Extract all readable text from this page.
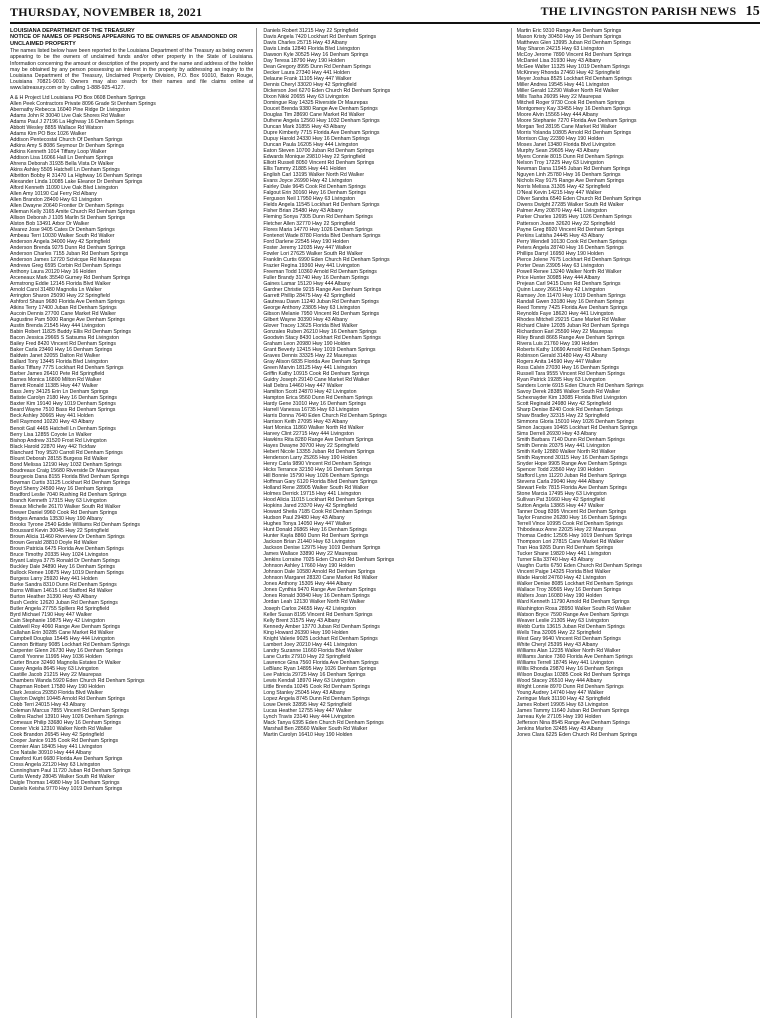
THURSDAY, NOVEMBER 18, 2021	THE LIVINGSTON PARISH NEWS 15

LOUISIANA DEPARTMENT OF THE TREASURY

NOTICE OF NAMES OF PERSONS APPEARING TO BE OWNERS OF ABANDONED OR UNCLAIMED PROPERTY

The names listed below have been reported to the Louisiana Department of the Treasury as being owners appearing to be the owners of unclaimed funds and/or other property in the State of Louisiana. Information concerning the amount or description of the property and the name and address of the holder may be obtained by any person possessing an interest in the property by addressing an inquiry to the Louisiana Department of the Treasury, Unclaimed Property Division, P.O. Box 91010, Baton Rouge, Louisiana 70821-9010. Owners may also search for their names and file claims online at www.latreasury.com or by calling 1-888-925-4127.

A & H Project Ltd Louisiana PO Box 0608 Denham Springs

Allen Peek Contractors Private 8096 Grade St Denham Springs

Abernathy Rebecca 16040 Pine Ridge Dr Livingston

Adams John R 30040 Live Oak Shores Rd Walker

Adams Paul J 27196 La Highway 16 Denham Springs

Abbott Wesley 8855 Wallace Rd Watson

Adams Kim PO Box 1026 Walker

Addison Pentecostal Church Of Denham Springs

Adkins Amy S 8086 Seymour Dr Denham Springs

Adkins Kenneth 1014 Tiffany Loop Walker

Addison Lisa 16066 Hall Ln Denham Springs

Ahrens Deborah 31935 Bella Vista Dr Walker

Akins Ashley 5505 Hatchell Ln Denham Springs

Albritton Bobby R 31470 La Highway 16 Denham Springs

Alexander Linda 10085 Lake Eleanor Dr Denham Springs

Alford Kenneth 11090 Live Oak Blvd Livingston

Allen Amy 10190 Cal Ferry Rd Albany

Allen Brandon 28400 Hwy 63 Livingston

Allen Dwayne 20640 Frontier Dr Denham Springs

Alleman Kelly 3165 Amite Church Rd Denham Springs

Allison Deborah J 1105 Marlin St Denham Springs

Alston Bob 13491 Arbor Dr Walker

Alvarez Jose 9405 Cates Dr Denham Springs

Ambeau Terri 10030 Walker South Rd Walker

Anderson Angela 34000 Hwy 42 Springfield

Anderson Brenda 9275 Dunn Rd Denham Springs

Anderson Charles 7155 Juban Rd Denham Springs

Anderson James 12720 Scivicque Rd Maurepas

Andrews Greg 6595 Corbin Rd Denham Springs

Anthony Laura 20120 Hwy 16 Holden

Arceneaux Mark 35540 Gurney Rd Denham Springs

Armstrong Eddie 12145 Florida Blvd Walker

Arnold Carol 31480 Magnolia Ln Walker

Arrington Sharon 25090 Hwy 22 Springfield

Ashford Shaun 9680 Florida Ave Denham Springs

Atkins Terry 17400 Juban Rd Denham Springs

Aucoin Dennis 27700 Cane Market Rd Walker

Augustine Pam 5000 Range Ave Denham Springs

Austin Brenda 21545 Hwy 444 Livingston

Babin Robert 11825 Buddy Ellis Rd Denham Springs

Bacon Jessica 29665 S Satsuma Rd Livingston

Bailey Fred 8420 Vincent Rd Denham Springs

Baker Carla 23460 Hwy 16 Denham Springs

Baldwin Janet 32055 Dalton Rd Walker

Ballard Tony 13445 Florida Blvd Livingston

Banks Tiffany 7775 Lockhart Rd Denham Springs

Barber James 26410 Pete Rd Springfield

Barnes Monica 16800 Milton Rd Walker

Barrett Ronald 11385 Hwy 447 Walker

Bass Jerry 34125 Erin Ln Denham Springs

Batiste Carolyn 2180 Hwy 16 Denham Springs

Baxter Kim 19140 Hwy 1019 Denham Springs

Beard Wayne 7510 Bass Rd Denham Springs

Beck Ashley 30665 Hwy 441 Holden

Bell Raymond 10220 Hwy 43 Albany

Benoit Gail 4465 Hatchell Ln Denham Springs

Berry Lisa 12855 Coyote Ln Walker

Bishop Andrew 31520 Frost Rd Livingston

Black Harold 22870 Hwy 442 Tickfaw

Blanchard Troy 9520 Carroll Rd Denham Springs

Blount Deborah 28155 Burgess Rd Walker

Bond Melissa 12190 Hwy 1032 Denham Springs

Boudreaux Craig 15680 Riverside Dr Maurepas

Bourgeois Dana 8155 Florida Blvd Denham Springs

Bowman Curtis 31125 Lockhart Rd Denham Springs

Boyd Sherry 24590 Hwy 16 Denham Springs

Bradford Leslie 7040 Rushing Rd Denham Springs

Branch Kenneth 17315 Hwy 63 Livingston

Breaux Michelle 26170 Walker South Rd Walker

Brewer Daniel 9960 Cook Rd Denham Springs

Bridges Amanda 13530 Hwy 190 Albany

Brooks Tyrone 2540 Eddie Williams Rd Denham Springs

Broussard Kevin 30045 Hwy 22 Springfield

Brown Alicia 11460 Riverview Dr Denham Springs

Brown Gerald 28810 Doyle Rd Walker

Brown Patricia 6475 Florida Ave Denham Springs

Bruce Timothy 20335 Hwy 1024 Livingston

Bryant Latoya 3775 Ronald Dr Denham Springs

Buckley Dale 34890 Hwy 16 Denham Springs

Bullock Renee 10875 Hwy 1019 Denham Springs

Burgess Larry 25920 Hwy 441 Holden

Burke Sandra 8310 Dunn Rd Denham Springs

Burns William 14615 Lod Stafford Rd Walker

Burton Heather 31390 Hwy 43 Albany

Bush Cedric 12620 Juban Rd Denham Springs

Butler Angela 27755 Spillers Rd Springfield

Byrd Michael 7190 Hwy 447 Walker

Cain Stephanie 19875 Hwy 42 Livingston

Caldwell Roy 4060 Range Ave Denham Springs

Callahan Erin 30285 Cane Market Rd Walker

Campbell Douglas 15445 Hwy 444 Livingston

Cannon Brittany 9085 Lockhart Rd Denham Springs

Carpenter Glenn 26730 Hwy 16 Denham Springs

Carroll Yvonne 11995 Hwy 1036 Holden

Carter Bruce 32460 Magnolia Estates Dr Walker

Casey Angela 8645 Hwy 63 Livingston

Castille Jacob 21215 Hwy 22 Maurepas

Chambers Wanda 5920 Eden Church Rd Denham Springs

Chapman Robert 17580 Hwy 190 Holden

Clark Jessica 29350 Florida Blvd Walker

Clayton Dwight 10445 Arnold Rd Denham Springs

Cobb Terri 24015 Hwy 43 Albany

Coleman Marcus 7855 Vincent Rd Denham Springs

Collins Rachel 13910 Hwy 1026 Denham Springs

Comeaux Philip 33680 Hwy 16 Denham Springs

Conner Vicki 12310 Walker North Rd Walker

Cook Brandon 26545 Hwy 42 Springfield

Cooper Janice 9135 Cook Rd Denham Springs

Cormier Alan 18405 Hwy 441 Livingston

Cox Natalie 30910 Hwy 444 Albany

Crawford Kurt 6680 Florida Ave Denham Springs

Cross Angela 22120 Hwy 63 Livingston

Cunningham Paul 11720 Juban Rd Denham Springs

Curtis Wendy 28045 Walker South Rd Walker

Daigle Thomas 14980 Hwy 16 Denham Springs

Daniels Keisha 9770 Hwy 1019 Denham Springs

Daniels Robert 31215 Hwy 22 Springfield

Davis Angela 7420 Lockhart Rd Denham Springs

Davis Charles 25715 Hwy 43 Albany

Davis Linda 12840 Florida Blvd Livingston

Dawson Kyle 30525 Hwy 16 Denham Springs

Day Teresa 18790 Hwy 190 Holden

Dean Gregory 8995 Dunn Rd Denham Springs

Decker Laura 27340 Hwy 441 Holden

Delaune Frank 11105 Hwy 447 Walker

Dennis Cheryl 33020 Hwy 42 Springfield

Dickerson Joel 6270 Eden Church Rd Denham Springs

Dixon Nikki 20655 Hwy 63 Livingston

Domingue Ray 14325 Riverside Dr Maurepas

Doucet Brenda 9380 Range Ave Denham Springs

Douglas Tim 28690 Cane Market Rd Walker

Dufrene Angela 12560 Hwy 1032 Denham Springs

Duncan Mark 31855 Hwy 43 Albany

Dupre Kimberly 7715 Florida Ave Denham Springs

Dupuy Harold 24330 Hwy 16 Denham Springs

Duncan Paula 16205 Hwy 444 Livingston

Eaton Steven 10700 Juban Rd Denham Springs

Edwards Monique 29810 Hwy 22 Springfield

Elliott Russell 8050 Vincent Rd Denham Springs

Ellis Tammy 21885 Hwy 441 Holden

English Carl 13195 Walker North Rd Walker

Evans Joyce 26990 Hwy 42 Livingston

Fairley Dale 9645 Cook Rd Denham Springs

Falgout Erin 30160 Hwy 16 Denham Springs

Ferguson Neil 17950 Hwy 63 Livingston

Fields Angela 11545 Lockhart Rd Denham Springs

Fisher Brian 25480 Hwy 43 Albany

Fleming Sonya 7305 Dunn Rd Denham Springs

Fletcher Allen 32770 Hwy 22 Springfield

Flores Maria 14770 Hwy 1026 Denham Springs

Fontenot Wade 8780 Florida Blvd Denham Springs

Ford Darlene 22545 Hwy 190 Holden

Foster Jeremy 12035 Hwy 447 Walker

Fowler Lori 27625 Walker South Rd Walker

Franklin Curtis 6990 Eden Church Rd Denham Springs

Frazier Regina 19360 Hwy 441 Livingston

Freeman Todd 10360 Arnold Rd Denham Springs

Fuller Brandy 31740 Hwy 16 Denham Springs

Gaines Lamar 15120 Hwy 444 Albany

Gardner Christie 9215 Range Ave Denham Springs

Garrett Phillip 28475 Hwy 42 Springfield

Gautreau Dawn 11240 Juban Rd Denham Springs

George Anthony 23805 Hwy 63 Livingston

Gibson Melanie 7950 Vincent Rd Denham Springs

Gilbert Wayne 30390 Hwy 43 Albany

Glover Tracey 13625 Florida Blvd Walker

Gonzales Ruben 26210 Hwy 16 Denham Springs

Goodwin Stacy 8430 Lockhart Rd Denham Springs

Graham Leon 20980 Hwy 190 Holden

Grant Beverly 12415 Hwy 1019 Denham Springs

Graves Dennis 33325 Hwy 22 Maurepas

Gray Alison 6835 Florida Ave Denham Springs

Green Marvin 18125 Hwy 441 Livingston

Griffin Kathy 10915 Cook Rd Denham Springs

Guidry Joseph 29140 Cane Market Rd Walker

Hall Debra 14460 Hwy 447 Walker

Hamilton Scott 24870 Hwy 42 Livingston

Hampton Erica 9560 Dunn Rd Denham Springs

Hardy Gene 31010 Hwy 16 Denham Springs

Harrell Vanessa 16735 Hwy 63 Livingston

Harris Donna 7640 Eden Church Rd Denham Springs

Harrison Keith 27095 Hwy 43 Albany

Hart Monica 11860 Walker North Rd Walker

Harvey Clint 22715 Hwy 444 Livingston

Hawkins Rita 8280 Range Ave Denham Springs

Hayes Dwayne 30700 Hwy 22 Springfield

Hebert Nicole 13355 Juban Rd Denham Springs

Henderson Larry 25265 Hwy 190 Holden

Henry Carla 9890 Vincent Rd Denham Springs

Hicks Terrance 32150 Hwy 16 Denham Springs

Hill Bonnie 15790 Hwy 1026 Denham Springs

Hoffman Gary 6120 Florida Blvd Denham Springs

Holland Rene 28905 Walker South Rd Walker

Holmes Derrick 19715 Hwy 441 Livingston

Hood Alicia 11015 Lockhart Rd Denham Springs

Hopkins Jared 23370 Hwy 42 Springfield

Howard Sheila 7185 Cook Rd Denham Springs

Hudson Paul 29480 Hwy 43 Albany

Hughes Tonya 14050 Hwy 447 Walker

Hunt Donald 26865 Hwy 16 Denham Springs

Hunter Kayla 8860 Dunn Rd Denham Springs

Jackson Brian 21440 Hwy 63 Livingston

Jackson Denise 12975 Hwy 1019 Denham Springs

James Wallace 33890 Hwy 22 Maurepas

Jenkins Lorraine 7025 Eden Church Rd Denham Springs

Johnson Ashley 17660 Hwy 190 Holden

Johnson Dale 10580 Arnold Rd Denham Springs

Johnson Margaret 28320 Cane Market Rd Walker

Jones Anthony 15305 Hwy 444 Albany

Jones Cynthia 9470 Range Ave Denham Springs

Jones Ronald 30840 Hwy 16 Denham Springs

Jordan Leah 12130 Walker North Rd Walker

Joseph Carlos 24655 Hwy 42 Livingston

Keller Susan 8195 Vincent Rd Denham Springs

Kelly Brent 31575 Hwy 43 Albany

Kennedy Amber 13770 Juban Rd Denham Springs

King Howard 26390 Hwy 190 Holden

Knight Valerie 9025 Lockhart Rd Denham Springs

Lambert Joey 20210 Hwy 441 Livingston

Landry Suzanne 11660 Florida Blvd Walker

Lane Curtis 27910 Hwy 22 Springfield

Lawrence Gina 7560 Florida Ave Denham Springs

LeBlanc Ryan 14895 Hwy 1026 Denham Springs

Lee Patricia 29725 Hwy 16 Denham Springs

Lewis Kendall 18970 Hwy 63 Livingston

Little Brenda 10245 Cook Rd Denham Springs

Long Stanley 25045 Hwy 43 Albany

Lopez Angela 8745 Dunn Rd Denham Springs

Lowe Derek 32895 Hwy 42 Springfield

Lucas Heather 12755 Hwy 447 Walker

Lynch Travis 23140 Hwy 444 Livingston

Mack Tanya 6395 Eden Church Rd Denham Springs

Marshall Ben 28560 Walker South Rd Walker

Martin Carolyn 16410 Hwy 190 Holden

Martin Eric 9310 Range Ave Denham Springs

Mason Kristy 30450 Hwy 16 Denham Springs

Matthews Glen 13995 Juban Rd Denham Springs

May Sharon 24215 Hwy 63 Livingston

McCoy Jerome 7890 Vincent Rd Denham Springs

McDaniel Lisa 31930 Hwy 43 Albany

McGee Walter 11325 Hwy 1019 Denham Springs

McKinney Rhonda 27460 Hwy 42 Springfield

Meyer Joshua 8525 Lockhart Rd Denham Springs

Miller Andrea 19545 Hwy 441 Livingston

Miller Gerald 12290 Walker North Rd Walker

Mills Tasha 26095 Hwy 22 Maurepas

Mitchell Roger 9730 Cook Rd Denham Springs

Montgomery Kay 33455 Hwy 16 Denham Springs

Moore Alvin 15565 Hwy 444 Albany

Moore Stephanie 7270 Florida Ave Denham Springs

Morgan Ted 28195 Cane Market Rd Walker

Morris Yolanda 10805 Arnold Rd Denham Springs

Morrison Clay 22390 Hwy 190 Holden

Moses Janet 13480 Florida Blvd Livingston

Murphy Sean 29605 Hwy 43 Albany

Myers Connie 8015 Dunn Rd Denham Springs

Nelson Troy 17225 Hwy 63 Livingston

Newman Dana 11945 Juban Rd Denham Springs

Nguyen Linh 25780 Hwy 16 Denham Springs

Nichols Ray 9175 Range Ave Denham Springs

Norris Melissa 31305 Hwy 42 Springfield

O'Neal Kevin 14215 Hwy 447 Walker

Oliver Sandra 6540 Eden Church Rd Denham Springs

Owens Dwight 27285 Walker South Rd Walker

Palmer Amy 20870 Hwy 441 Livingston

Parker Charles 12695 Hwy 1026 Denham Springs

Patterson Joann 32620 Hwy 22 Springfield

Payne Greg 8920 Vincent Rd Denham Springs

Perkins Latisha 24445 Hwy 43 Albany

Perry Wendell 10130 Cook Rd Denham Springs

Peters Angela 28740 Hwy 16 Denham Springs

Phillips Darryl 16950 Hwy 190 Holden

Pierce Jolene 7675 Lockhart Rd Denham Springs

Porter Dean 23905 Hwy 63 Livingston

Powell Renee 13240 Walker North Rd Walker

Price Hunter 30985 Hwy 444 Albany

Prejean Carl 9415 Dunn Rd Denham Springs

Quinn Lacey 26615 Hwy 42 Livingston

Ramsey Jon 11470 Hwy 1019 Denham Springs

Randall Gwen 33180 Hwy 16 Denham Springs

Reed Tommy 7425 Florida Ave Denham Springs

Reynolds Faye 18620 Hwy 441 Livingston

Rhodes Mitchell 29215 Cane Market Rd Walker

Richard Claire 12035 Juban Rd Denham Springs

Richardson Earl 25590 Hwy 22 Maurepas

Riley Brandi 8665 Range Ave Denham Springs

Rivera Luis 21760 Hwy 190 Holden

Roberts Kathy 10690 Arnold Rd Denham Springs

Robinson Gerald 31480 Hwy 43 Albany

Rogers Anita 14590 Hwy 447 Walker

Ross Calvin 27030 Hwy 16 Denham Springs

Russell Tara 9555 Vincent Rd Denham Springs

Ryan Patrick 19285 Hwy 63 Livingston

Sanders Lorrie 6915 Eden Church Rd Denham Springs

Savoy Derek 28385 Walker South Rd Walker

Schexnayder Kim 13085 Florida Blvd Livingston

Scott Reginald 24980 Hwy 42 Springfield

Sharp Denise 8240 Cook Rd Denham Springs

Shaw Bradley 32315 Hwy 22 Springfield

Simmons Gloria 15010 Hwy 1026 Denham Springs

Simon Jacques 10465 Lockhart Rd Denham Springs

Sims Derrell 26930 Hwy 43 Albany

Smith Barbara 7140 Dunn Rd Denham Springs

Smith Dennis 20375 Hwy 441 Livingston

Smith Kelly 12880 Walker North Rd Walker

Smith Raymond 30115 Hwy 16 Denham Springs

Snyder Hope 9905 Range Ave Denham Springs

Spencer Todd 23560 Hwy 190 Holden

Stafford Lynn 11220 Juban Rd Denham Springs

Stevens Carla 29040 Hwy 444 Albany

Stewart Felix 7815 Florida Ave Denham Springs

Stone Marcia 17495 Hwy 63 Livingston

Sullivan Pat 31660 Hwy 42 Springfield

Sutton Angela 13865 Hwy 447 Walker

Tanner Doug 8395 Vincent Rd Denham Springs

Taylor Francine 26280 Hwy 16 Denham Springs

Terrell Vince 10995 Cook Rd Denham Springs

Thibodeaux Anne 22025 Hwy 22 Maurepas

Thomas Cedric 12505 Hwy 1019 Denham Springs

Thompson Lori 27815 Cane Market Rd Walker

Tran Hoa 9265 Dunn Rd Denham Springs

Tucker Shane 19820 Hwy 441 Livingston

Turner Ella 33740 Hwy 43 Albany

Vaughn Curtis 6750 Eden Church Rd Denham Springs

Vincent Paige 14325 Florida Blvd Walker

Wade Harold 24760 Hwy 42 Livingston

Walker Denise 8085 Lockhart Rd Denham Springs

Wallace Troy 30565 Hwy 16 Denham Springs

Walters Joan 16080 Hwy 190 Holden

Ward Kenneth 11790 Arnold Rd Denham Springs

Washington Rosa 28950 Walker South Rd Walker

Watson Bryce 7590 Range Ave Denham Springs

Weaver Leslie 21305 Hwy 63 Livingston

Webb Curtis 13615 Juban Rd Denham Springs

Wells Tina 32005 Hwy 22 Springfield

West Gary 9640 Vincent Rd Denham Springs

White Cheryl 25395 Hwy 43 Albany

Williams Alan 12235 Walker North Rd Walker

Williams Janice 7360 Florida Ave Denham Springs

Williams Terrell 18745 Hwy 441 Livingston

Willis Rhonda 29870 Hwy 16 Denham Springs

Wilson Douglas 10385 Cook Rd Denham Springs

Wood Stacey 26510 Hwy 444 Albany

Wright Lonnie 8970 Dunn Rd Denham Springs

Young Audrey 14740 Hwy 447 Walker

Zeringue Mark 31190 Hwy 42 Springfield

James Robert 19905 Hwy 63 Livingston

James Tammy 11640 Juban Rd Denham Springs

Jarreau Kyle 27105 Hwy 190 Holden

Jefferson Nina 8545 Range Ave Denham Springs

Jenkins Marlon 32485 Hwy 43 Albany

Jones Clara 6225 Eden Church Rd Denham Springs
